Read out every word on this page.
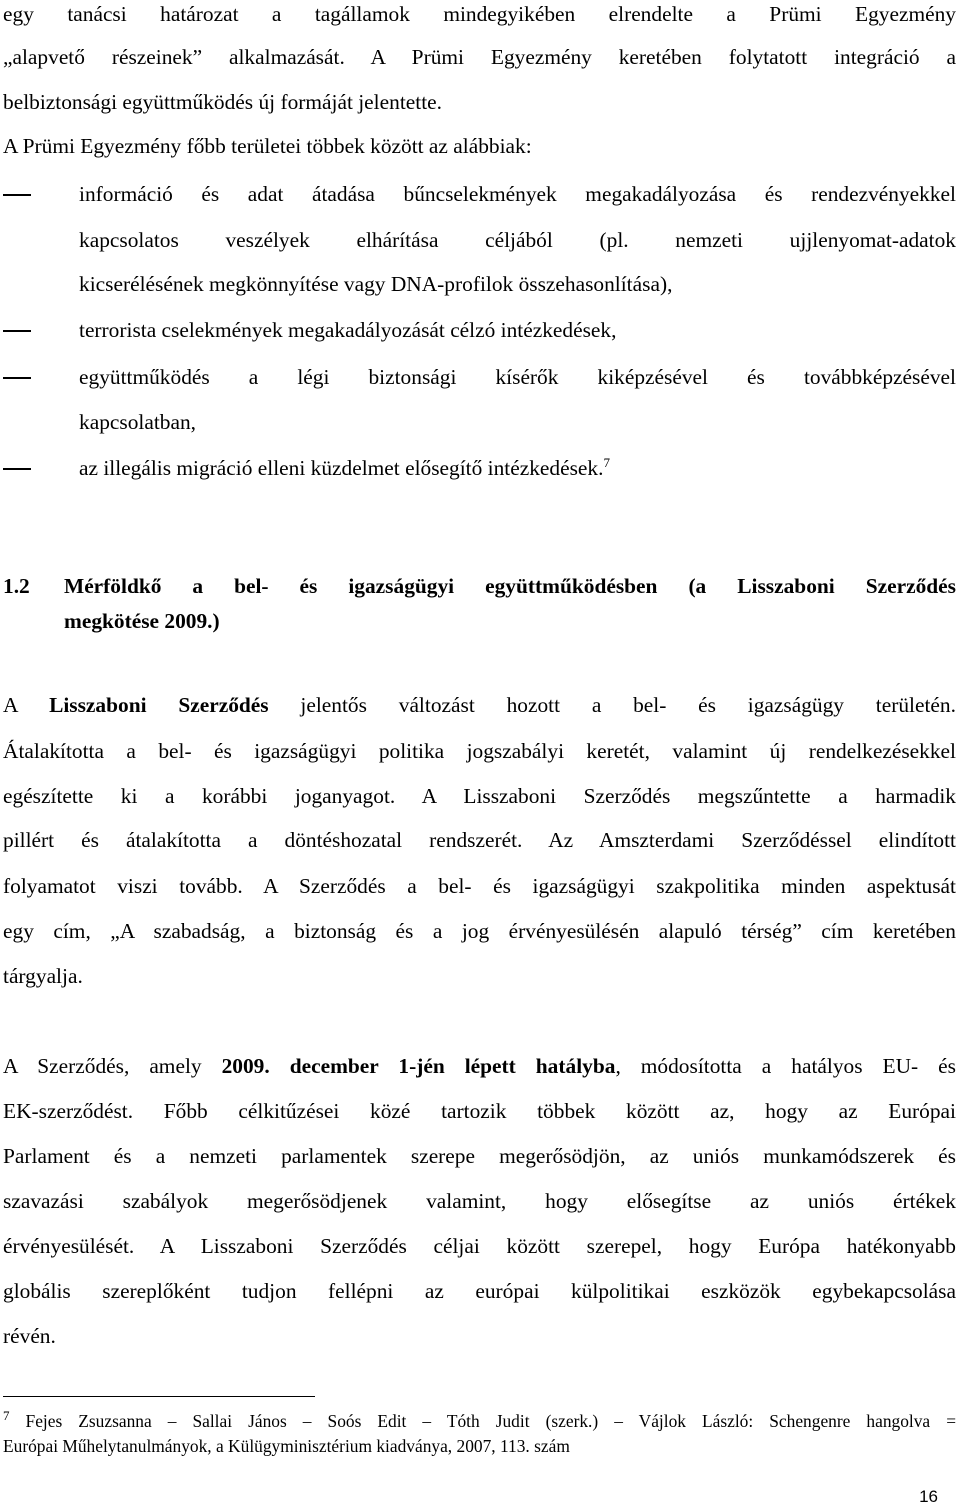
egy tanácsi határozat a tagállamok mindegyikében elrendelte a Prümi Egyezmény
„alapvető részeinek” alkalmazását. A Prümi Egyezmény keretében folytatott integráció a
belbiztonsági együttműködés új formáját jelentette.
A Prümi Egyezmény főbb területei többek között az alábbiak:
információ és adat átadása bűncselekmények megakadályozása és rendezvényekkel
kapcsolatos veszélyek elhárítása céljából (pl. nemzeti ujjlenyomat-adatok
kicserélésének megkönnyítése vagy DNA-profilok összehasonlítása),
terrorista cselekmények megakadályozását célzó intézkedések,
együttműködés a légi biztonsági kísérők kiképzésével és továbbképzésével
kapcsolatban,
az illegális migráció elleni küzdelmet elősegítő intézkedések.$^7$
1.2 Mérföldkő a bel- és igazságügyi együttműködésben (a Lisszaboni Szerződés
megkötése 2009.)
A Lisszaboni Szerződés jelentős változást hozott a bel- és igazságügy területén.
Átalakította a bel- és igazságügyi politika jogszabályi keretét, valamint új rendelkezésekkel
egészítette ki a korábbi joganyagot. A Lisszaboni Szerződés megszűntette a harmadik
pillért és átalakította a döntéshozatal rendszerét. Az Amszterdami Szerződéssel elindított
folyamatot viszi tovább. A Szerződés a bel- és igazságügyi szakpolitika minden aspektusát
egy cím, „A szabadság, a biztonság és a jog érvényesülésén alapuló térség” cím keretében
tárgyalja.
A Szerződés, amely 2009. december 1-jén lépett hatályba, módosította a hatályos EU- és
EK-szerződést. Főbb célkitűzései közé tartozik többek között az, hogy az Európai
Parlament és a nemzeti parlamentek szerepe megerősödjön, az uniós munkamódszerek és
szavazási szabályok megerősödjenek valamint, hogy elősegítse az uniós értékek
érvényesülését. A Lisszaboni Szerződés céljai között szerepel, hogy Európa hatékonyabb
globális szereplőként tudjon fellépni az európai külpolitikai eszközök egybekapcsolása
révén.
$^7$ Fejes Zsuzsanna – Sallai János – Soós Edit – Tóth Judit (szerk.) – Vájlok László: Schengenre hangolva =
Európai Műhelytanulmányok, a Külügyminisztérium kiadványa, 2007, 113. szám
16
